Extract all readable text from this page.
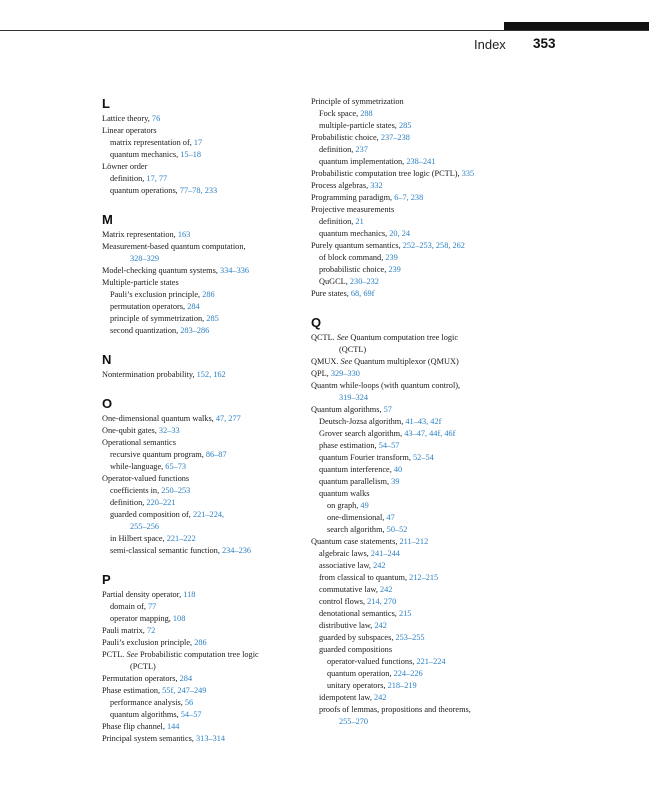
Index 353
L
Lattice theory, 76
Linear operators
matrix representation of, 17
quantum mechanics, 15–18
Löwner order
definition, 17, 77
quantum operations, 77–78, 233
M
Matrix representation, 163
Measurement-based quantum computation,
328–329
Model-checking quantum systems, 334–336
Multiple-particle states
Pauli’s exclusion principle, 286
permutation operators, 284
principle of symmetrization, 285
second quantization, 283–286
N
Nontermination probability, 152, 162
O
One-dimensional quantum walks, 47, 277
One-qubit gates, 32–33
Operational semantics
recursive quantum program, 86–87
while-language, 65–73
Operator-valued functions
coefficients in, 250–253
definition, 220–221
guarded composition of, 221–224,
255–256
in Hilbert space, 221–222
semi-classical semantic function, 234–236
P
Partial density operator, 118
domain of, 77
operator mapping, 108
Pauli matrix, 72
Pauli’s exclusion principle, 286
PCTL. See Probabilistic computation tree logic
(PCTL)
Permutation operators, 284
Phase estimation, 55f, 247–249
performance analysis, 56
quantum algorithms, 54–57
Phase flip channel, 144
Principal system semantics, 313–314
Principle of symmetrization
Fock space, 288
multiple-particle states, 285
Probabilistic choice, 237–238
definition, 237
quantum implementation, 238–241
Probabilistic computation tree logic (PCTL), 335
Process algebras, 332
Programming paradigm, 6–7, 238
Projective measurements
definition, 21
quantum mechanics, 20, 24
Purely quantum semantics, 252–253, 258, 262
of block command, 239
probabilistic choice, 239
QuGCL, 230–232
Pure states, 68, 69f
Q
QCTL. See Quantum computation tree logic
(QCTL)
QMUX. See Quantum multiplexor (QMUX)
QPL, 329–330
Quantm while-loops (with quantum control),
319–324
Quantum algorithms, 57
Deutsch-Jozsa algorithm, 41–43, 42f
Grover search algorithm, 43–47, 44f, 46f
phase estimation, 54–57
quantum Fourier transform, 52–54
quantum interference, 40
quantum parallelism, 39
quantum walks
on graph, 49
one-dimensional, 47
search algorithm, 50–52
Quantum case statements, 211–212
algebraic laws, 241–244
associative law, 242
from classical to quantum, 212–215
commutative law, 242
control flows, 214, 270
denotational semantics, 215
distributive law, 242
guarded by subspaces, 253–255
guarded compositions
operator-valued functions, 221–224
quantum operation, 224–226
unitary operators, 218–219
idempotent law, 242
proofs of lemmas, propositions and theorems,
255–270
